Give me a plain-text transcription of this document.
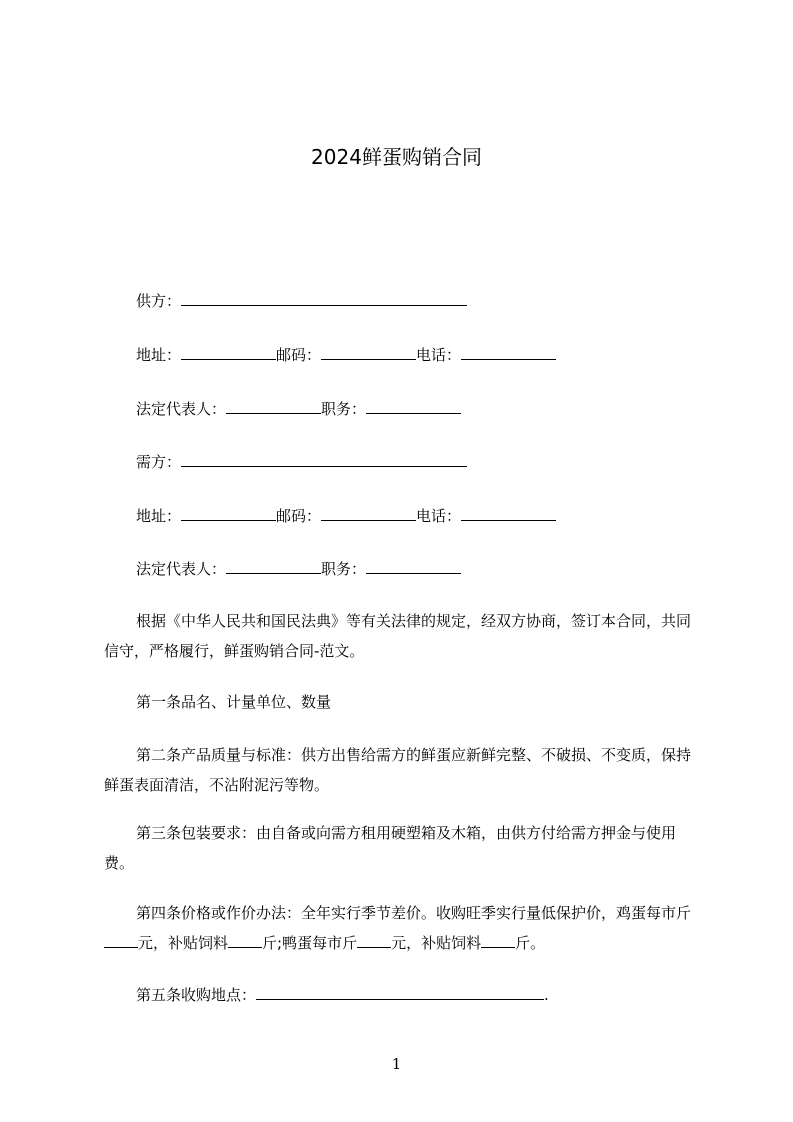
2024鲜蛋购销合同
供方：
地址：	邮码：	电话：
法定代表人：	职务：
需方：
地址：	邮码：	电话：
法定代表人：	职务：
根据《中华人民共和国民法典》等有关法律的规定，经双方协商，签订本合同，共同信守，严格履行，鲜蛋购销合同-范文。
第一条品名、计量单位、数量
第二条产品质量与标准：供方出售给需方的鲜蛋应新鲜完整、不破损、不变质，保持鲜蛋表面清洁，不沾附泥污等物。
第三条包装要求：由自备或向需方租用硬塑箱及木箱，由供方付给需方押金与使用费。
第四条价格或作价办法：全年实行季节差价。收购旺季实行量低保护价，鸡蛋每市斤元，补贴饲料 斤;鸭蛋每市斤 元，补贴饲料 斤。
第五条收购地点：	.
1
